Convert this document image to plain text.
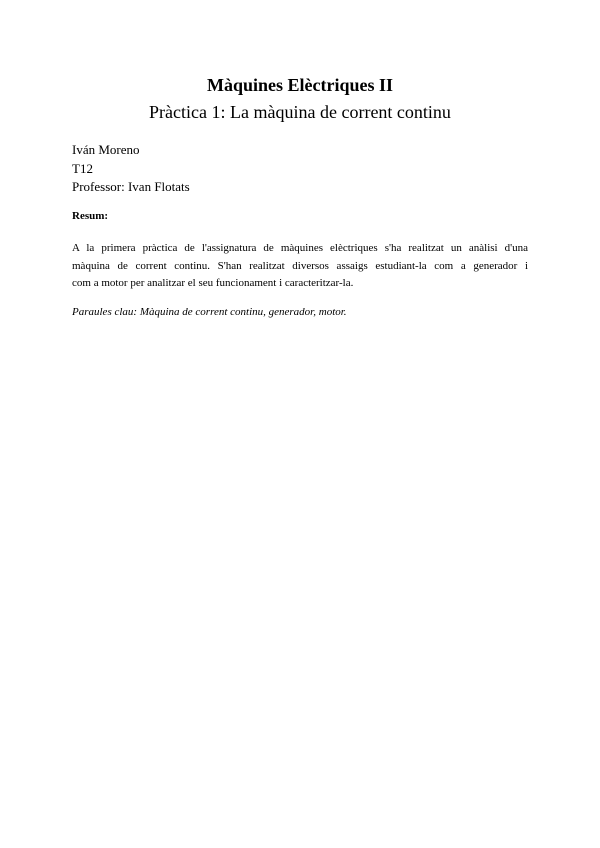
Màquines Elèctriques II
Pràctica 1: La màquina de corrent continu
Iván Moreno
T12
Professor: Ivan Flotats
Resum:
A la primera pràctica de l'assignatura de màquines elèctriques s'ha realitzat un anàlisi d'una
màquina de corrent continu. S'han realitzat diversos assaigs estudiant-la com a generador i
com a motor per analitzar el seu funcionament i caracteritzar-la.
Paraules clau: Màquina de corrent continu, generador, motor.
